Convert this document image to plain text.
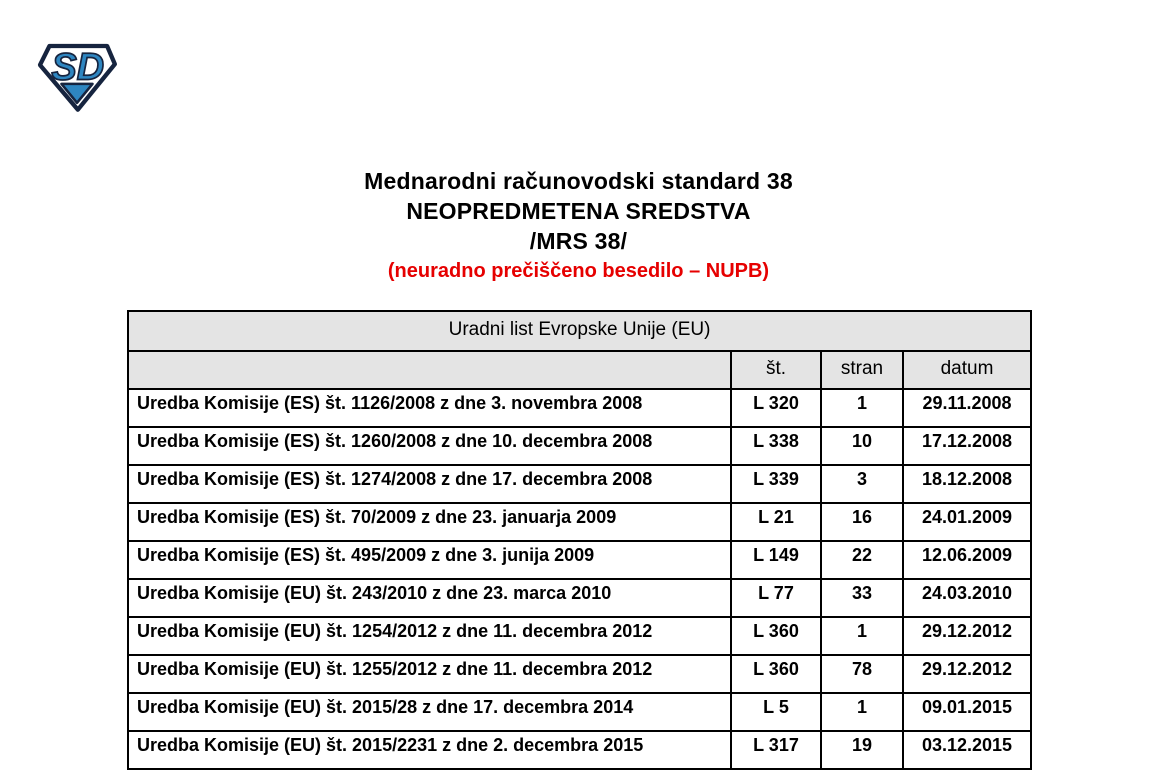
SD
Mednarodni računovodski standard 38
NEOPREDMETENA SREDSTVA
/MRS 38/
(neuradno prečiščeno besedilo – NUPB)
Uradni list Evropske Unije (EU)			
	št.	stran	datum
Uredba Komisije (ES) št. 1126/2008 z dne 3. novembra 2008	L 320	1	29.11.2008
Uredba Komisije (ES) št. 1260/2008 z dne 10. decembra 2008	L 338	10	17.12.2008
Uredba Komisije (ES) št. 1274/2008 z dne 17. decembra 2008	L 339	3	18.12.2008
Uredba Komisije (ES) št. 70/2009 z dne 23. januarja 2009	L 21	16	24.01.2009
Uredba Komisije (ES) št. 495/2009 z dne 3. junija 2009	L 149	22	12.06.2009
Uredba Komisije (EU) št. 243/2010 z dne 23. marca 2010	L 77	33	24.03.2010
Uredba Komisije (EU) št. 1254/2012 z dne 11. decembra 2012	L 360	1	29.12.2012
Uredba Komisije (EU) št. 1255/2012 z dne 11. decembra 2012	L 360	78	29.12.2012
Uredba Komisije (EU) št. 2015/28 z dne 17. decembra 2014	L 5	1	09.01.2015
Uredba Komisije (EU) št. 2015/2231 z dne 2. decembra 2015	L 317	19	03.12.2015
